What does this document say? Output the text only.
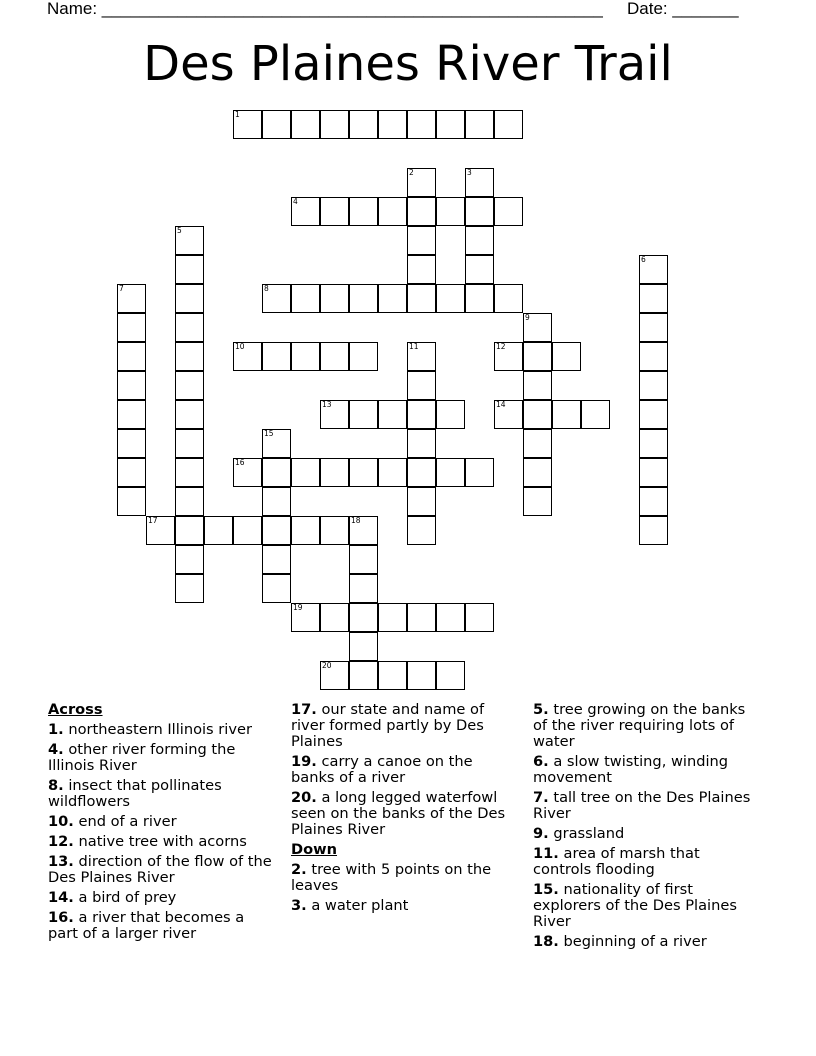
Name: _____________________________________________________ Date: _______
Des Plaines River Trail
1
2	3
4
5
6
7	8
9
10	11	12
13	14
15
16
17	18
19
20
Across
1. northeastern Illinois river
4. other river forming the Illinois River
8. insect that pollinates wildflowers
10. end of a river
12. native tree with acorns
13. direction of the flow of the Des Plaines River
14. a bird of prey
16. a river that becomes a part of a larger river
17. our state and name of river formed partly by Des Plaines
19. carry a canoe on the banks of a river
20. a long legged waterfowl seen on the banks of the Des Plaines River
Down
2. tree with 5 points on the leaves
3. a water plant
5. tree growing on the banks of the river requiring lots of water
6. a slow twisting, winding movement
7. tall tree on the Des Plaines River
9. grassland
11. area of marsh that controls flooding
15. nationality of first explorers of the Des Plaines River
18. beginning of a river
